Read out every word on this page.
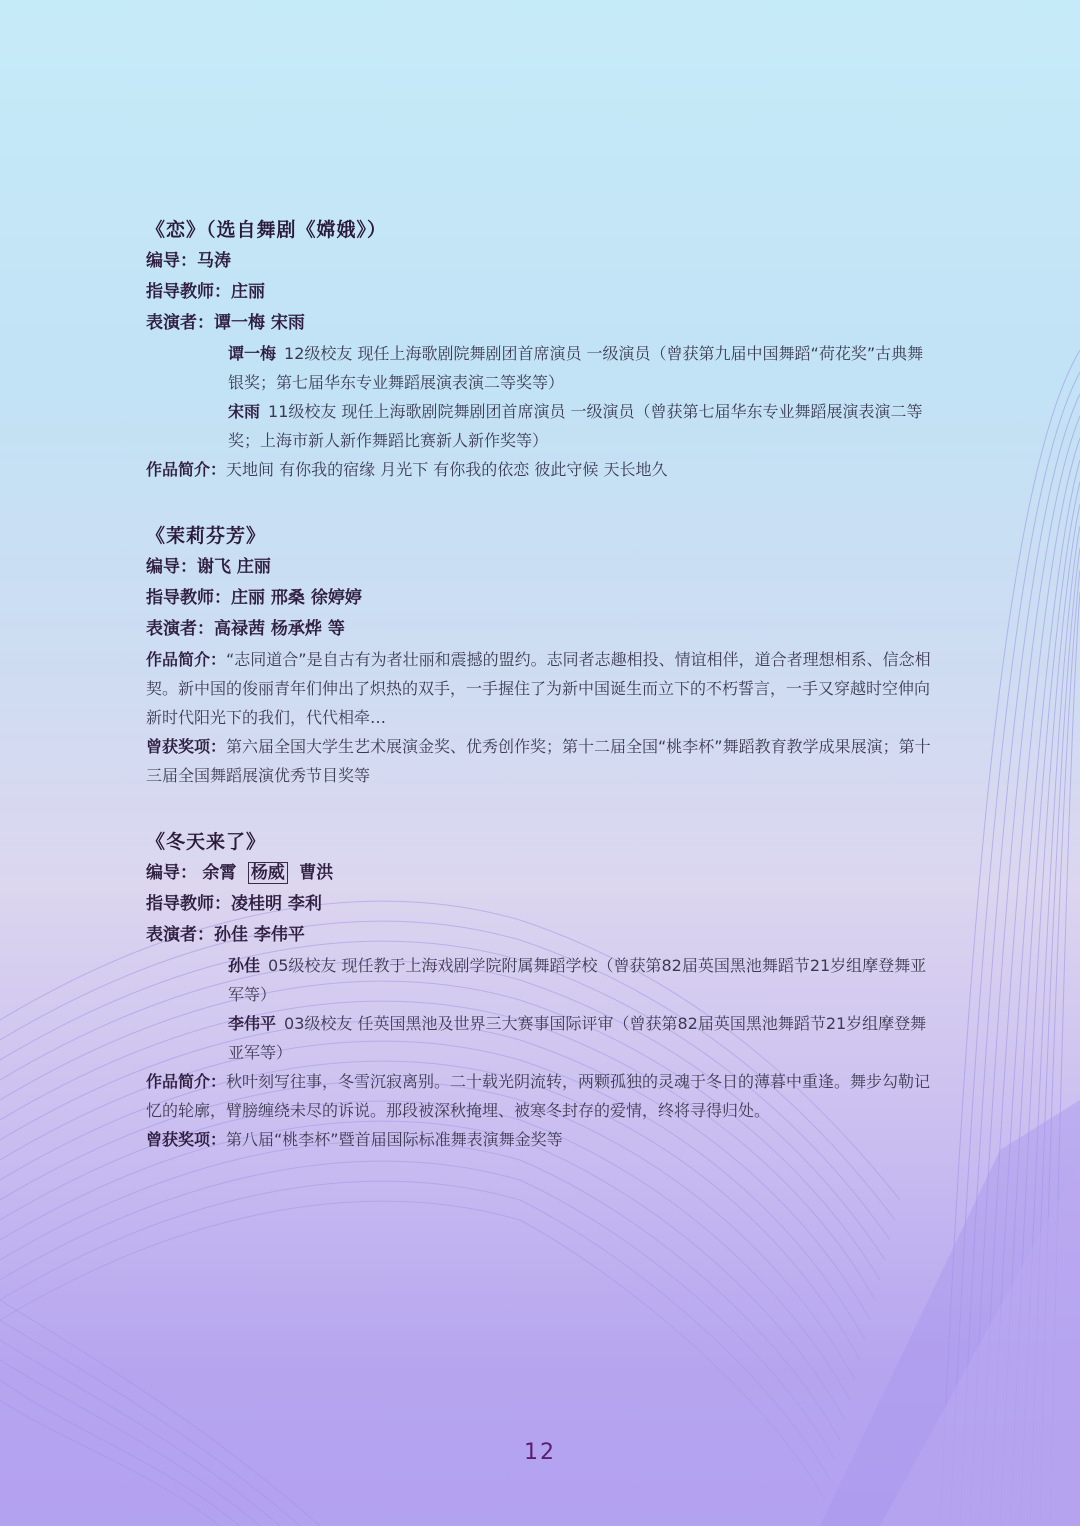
《恋》（选自舞剧《嫦娥》）
编导：马涛
指导教师：庄丽
表演者：谭一梅 宋雨
谭一梅 12级校友 现任上海歌剧院舞剧团首席演员 一级演员（曾获第九届中国舞蹈“荷花奖”古典舞银奖；第七届华东专业舞蹈展演表演二等奖等）
宋雨 11级校友 现任上海歌剧院舞剧团首席演员 一级演员（曾获第七届华东专业舞蹈展演表演二等奖；上海市新人新作舞蹈比赛新人新作奖等）
作品简介：天地间 有你我的宿缘 月光下 有你我的依恋 彼此守候 天长地久
《茉莉芬芳》
编导：谢飞 庄丽
指导教师：庄丽 邢桑 徐婷婷
表演者：高禄茜 杨承烨 等
作品简介：“志同道合”是自古有为者壮丽和震撼的盟约。志同者志趣相投、情谊相伴，道合者理想相系、信念相契。新中国的俊丽青年们伸出了炽热的双手，一手握住了为新中国诞生而立下的不朽誓言，一手又穿越时空伸向新时代阳光下的我们，代代相牵…
曾获奖项：第六届全国大学生艺术展演金奖、优秀创作奖；第十二届全国“桃李杯”舞蹈教育教学成果展演；第十三届全国舞蹈展演优秀节目奖等
《冬天来了》
编导： 余霄 杨威 曹洪
指导教师：凌桂明 李利
表演者：孙佳 李伟平
孙佳 05级校友 现任教于上海戏剧学院附属舞蹈学校（曾获第82届英国黑池舞蹈节21岁组摩登舞亚军等）
李伟平 03级校友 任英国黑池及世界三大赛事国际评审（曾获第82届英国黑池舞蹈节21岁组摩登舞亚军等）
作品简介：秋叶刻写往事，冬雪沉寂离别。二十载光阴流转，两颗孤独的灵魂于冬日的薄暮中重逢。舞步勾勒记忆的轮廓，臂膀缠绕未尽的诉说。那段被深秋掩埋、被寒冬封存的爱情，终将寻得归处。
曾获奖项：第八届“桃李杯”暨首届国际标准舞表演舞金奖等
12
